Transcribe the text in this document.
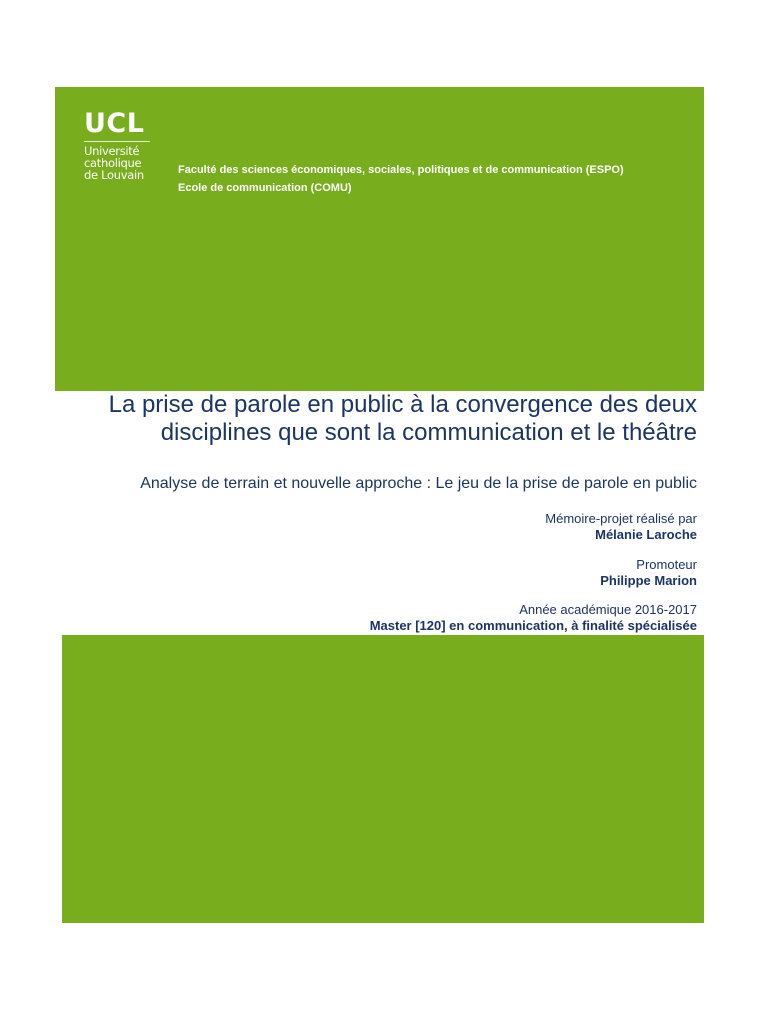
UCL
Université
catholique
de Louvain	Faculté des sciences économiques, sociales, politiques et de communication (ESPO)
Ecole de communication (COMU)
La prise de parole en public à la convergence des deux
disciplines que sont la communication et le théâtre
Analyse de terrain et nouvelle approche : Le jeu de la prise de parole en public
Mémoire-projet réalisé par
Mélanie Laroche
Promoteur
Philippe Marion
Année académique 2016-2017
Master [120] en communication, à finalité spécialisée
